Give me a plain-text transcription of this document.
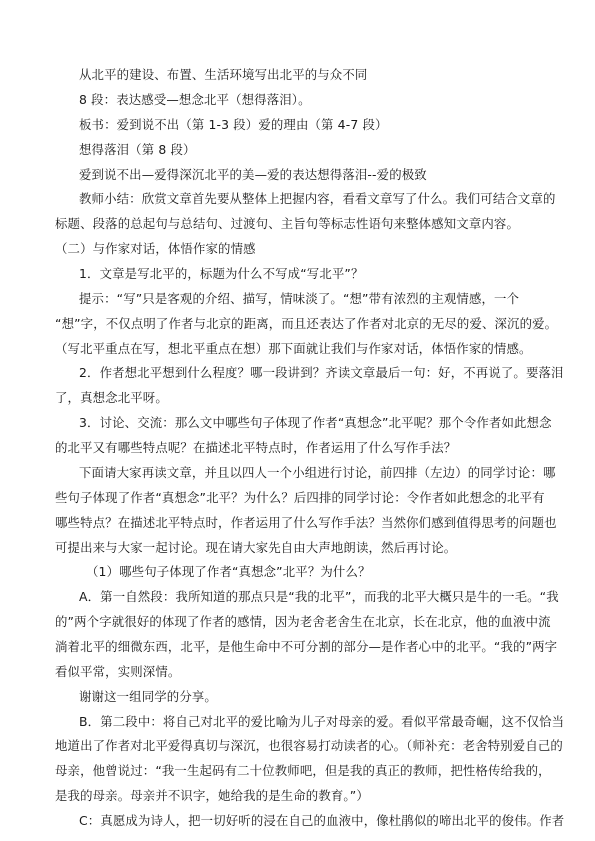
从北平的建设、布置、生活环境写出北平的与众不同
8 段：表达感受—想念北平（想得落泪）。
板书：爱到说不出（第 1-3 段）爱的理由（第 4-7 段）
想得落泪（第 8 段）
爱到说不出—爱得深沉北平的美—爱的表达想得落泪--爱的极致
教师小结：欣赏文章首先要从整体上把握内容，看看文章写了什么。我们可结合文章的
标题、段落的总起句与总结句、过渡句、主旨句等标志性语句来整体感知文章内容。
（二）与作家对话，体悟作家的情感
1．文章是写北平的，标题为什么不写成“写北平”？
提示：“写”只是客观的介绍、描写，情味淡了。“想”带有浓烈的主观情感，一个
“想”字，不仅点明了作者与北京的距离，而且还表达了作者对北京的无尽的爱、深沉的爱。
（写北平重点在写，想北平重点在想）那下面就让我们与作家对话，体悟作家的情感。
2．作者想北平想到什么程度？哪一段讲到？齐读文章最后一句：好，不再说了。要落泪
了，真想念北平呀。
3．讨论、交流：那么文中哪些句子体现了作者“真想念”北平呢？那个令作者如此想念
的北平又有哪些特点呢？在描述北平特点时，作者运用了什么写作手法？
下面请大家再读文章，并且以四人一个小组进行讨论，前四排（左边）的同学讨论：哪
些句子体现了作者“真想念”北平？为什么？后四排的同学讨论：令作者如此想念的北平有
哪些特点？在描述北平特点时，作者运用了什么写作手法？当然你们感到值得思考的问题也
可提出来与大家一起讨论。现在请大家先自由大声地朗读，然后再讨论。
（1）哪些句子体现了作者“真想念”北平？为什么？
A．第一自然段：我所知道的那点只是“我的北平”，而我的北平大概只是牛的一毛。“我
的”两个字就很好的体现了作者的感情，因为老舍老舍生在北京，长在北京，他的血液中流
淌着北平的细微东西，北平，是他生命中不可分割的部分—是作者心中的北平。“我的”两字
看似平常，实则深情。
谢谢这一组同学的分享。
B．第二段中：将自己对北平的爱比喻为儿子对母亲的爱。看似平常最奇崛，这不仅恰当
地道出了作者对北平爱得真切与深沉，也很容易打动读者的心。（师补充：老舍特别爱自己的
母亲，他曾说过：“我一生起码有二十位教师吧，但是我的真正的教师，把性格传给我的，
是我的母亲。母亲并不识字，她给我的是生命的教育。”）
C：真愿成为诗人，把一切好听的浸在自己的血液中，像杜鹃似的啼出北平的俊伟。作者
